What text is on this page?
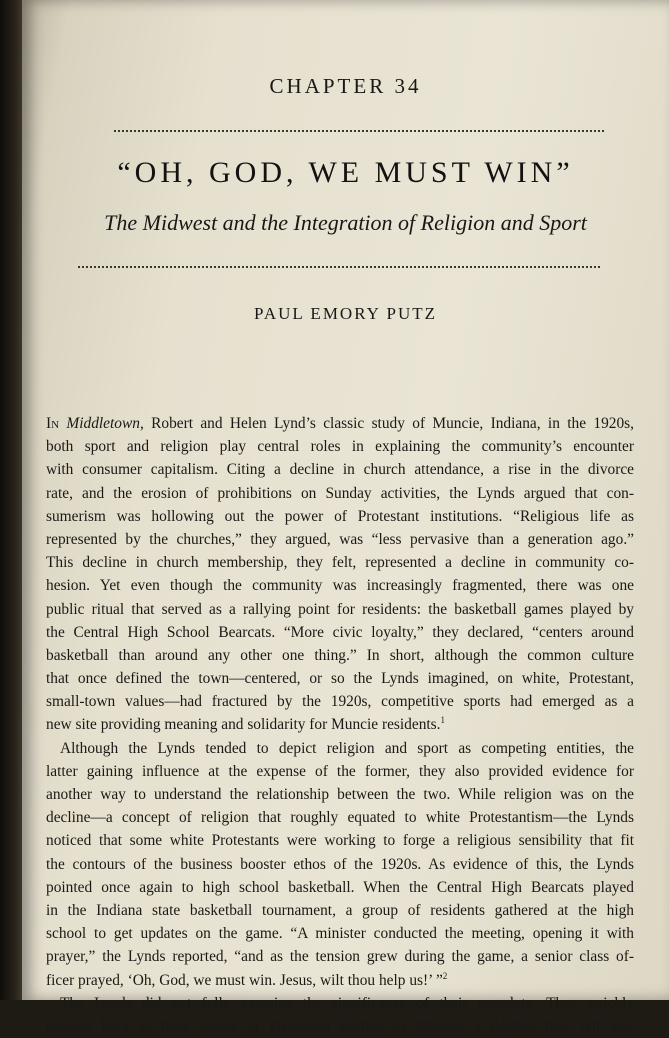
CHAPTER 34
“OH, GOD, WE MUST WIN”
The Midwest and the Integration of Religion and Sport
PAUL EMORY PUTZ
In Middletown, Robert and Helen Lynd’s classic study of Muncie, Indiana, in the 1920s,
both sport and religion play central roles in explaining the community’s encounter
with consumer capitalism. Citing a decline in church attendance, a rise in the divorce
rate, and the erosion of prohibitions on Sunday activities, the Lynds argued that con-
sumerism was hollowing out the power of Protestant institutions. “Religious life as
represented by the churches,” they argued, was “less pervasive than a generation ago.”
This decline in church membership, they felt, represented a decline in community co-
hesion. Yet even though the community was increasingly fragmented, there was one
public ritual that served as a rallying point for residents: the basketball games played by
the Central High School Bearcats. “More civic loyalty,” they declared, “centers around
basketball than around any other one thing.” In short, although the common culture
that once defined the town—centered, or so the Lynds imagined, on white, Protestant,
small-town values—had fractured by the 1920s, competitive sports had emerged as a
new site providing meaning and solidarity for Muncie residents.$^1$
Although the Lynds tended to depict religion and sport as competing entities, the
latter gaining influence at the expense of the former, they also provided evidence for
another way to understand the relationship between the two. While religion was on the
decline—a concept of religion that roughly equated to white Protestantism—the Lynds
noticed that some white Protestants were working to forge a religious sensibility that fit
the contours of the business booster ethos of the 1920s. As evidence of this, the Lynds
pointed once again to high school basketball. When the Central High Bearcats played
in the Indiana state basketball tournament, a group of residents gathered at the high
school to get updates on the game. “A minister conducted the meeting, opening it with
prayer,” the Lynds reported, “and as the tension grew during the game, a senior class of-
ficer prayed, ‘Oh, God, we must win. Jesus, wilt thou help us!’ ”$^2$
The Lynds did not fully examine the significance of their anecdote. They quickly
pivoted back to their notion of Protestant decline in Muncie, a decline they felt was
